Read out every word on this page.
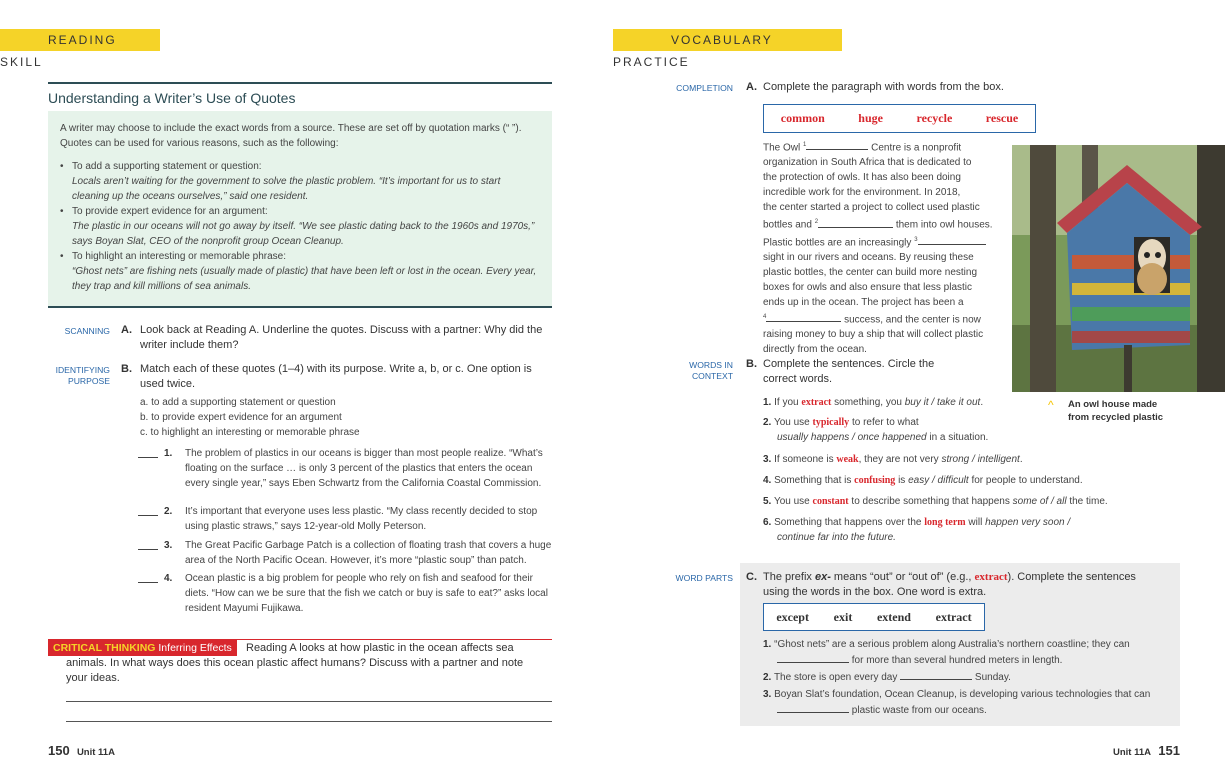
READING SKILL
Understanding a Writer’s Use of Quotes
A writer may choose to include the exact words from a source. These are set off by quotation marks (“ ”). Quotes can be used for various reasons, such as the following:
• To add a supporting statement or question:
Locals aren’t waiting for the government to solve the plastic problem. “It’s important for us to start cleaning up the oceans ourselves,” said one resident.
• To provide expert evidence for an argument:
The plastic in our oceans will not go away by itself. “We see plastic dating back to the 1960s and 1970s,” says Boyan Slat, CEO of the nonprofit group Ocean Cleanup.
• To highlight an interesting or memorable phrase:
“Ghost nets” are fishing nets (usually made of plastic) that have been left or lost in the ocean. Every year, they trap and kill millions of sea animals.
SCANNING A. Look back at Reading A. Underline the quotes. Discuss with a partner: Why did the writer include them?
IDENTIFYING
PURPOSE
B. Match each of these quotes (1–4) with its purpose. Write a, b, or c. One option is used twice.
a. to add a supporting statement or question
b. to provide expert evidence for an argument
c. to highlight an interesting or memorable phrase
1. The problem of plastics in our oceans is bigger than most people realize. “What’s floating on the surface … is only 3 percent of the plastics that enters the ocean every single year,” says Eben Schwartz from the California Coastal Commission.
2. It’s important that everyone uses less plastic. “My class recently decided to stop using plastic straws,” says 12-year-old Molly Peterson.
3. The Great Pacific Garbage Patch is a collection of floating trash that covers a huge area of the North Pacific Ocean. However, it’s more “plastic soup” than patch.
4. Ocean plastic is a big problem for people who rely on fish and seafood for their diets. “How can we be sure that the fish we catch or buy is safe to eat?” asks local resident Mayumi Fujikawa.
CRITICAL THINKING Inferring Effects	Reading A looks at how plastic in the ocean affects sea
animals. In what ways does this ocean plastic affect humans? Discuss with a partner and note
your ideas.
150 Unit 11A
VOCABULARY PRACTICE
COMPLETION A. Complete the paragraph with words from the box.
common	huge	recycle	rescue
The Owl $^1$	Centre is a nonprofit
organization in South Africa that is dedicated to
the protection of owls. It has also been doing
incredible work for the environment. In 2018,
the center started a project to collect used plastic
bottles and $^2$	them into owl houses.
Plastic bottles are an increasingly $^3$
sight in our rivers and oceans. By reusing these
plastic bottles, the center can build more nesting
boxes for owls and also ensure that less plastic
ends up in the ocean. The project has been a
$^4$	success, and the center is now
raising money to buy a ship that will collect plastic
directly from the ocean.
^ An owl house made
from recycled plastic
WORDS IN
CONTEXT
B. Complete the sentences. Circle the
correct words.
1. If you extract something, you buy it / take it out.
2. You use typically to refer to what
usually happens / once happened in a situation.
3. If someone is weak, they are not very strong / intelligent.
4. Something that is confusing is easy / difficult for people to understand.
5. You use constant to describe something that happens some of / all the time.
6. Something that happens over the long term will happen very soon /
continue far into the future.
WORD PARTS C. The prefix ex- means “out” or “out of” (e.g., extract). Complete the sentences
using the words in the box. One word is extra.
except exit extend extract
1. “Ghost nets” are a serious problem along Australia’s northern coastline; they can
for more than several hundred meters in length.
2. The store is open every day	Sunday.
3. Boyan Slat’s foundation, Ocean Cleanup, is developing various technologies that can
plastic waste from our oceans.
Unit 11A 151
